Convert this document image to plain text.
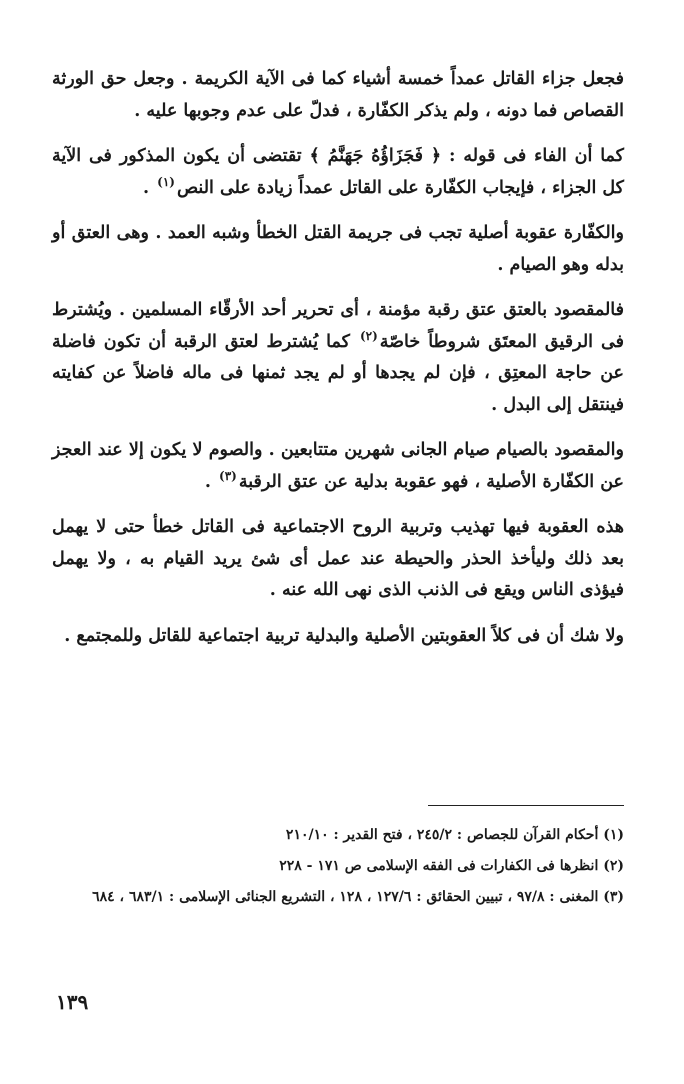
فجعل جزاء القاتل عمداً خمسة أشياء كما فى الآية الكريمة . وجعل حق الورثة القصاص فما دونه ، ولم يذكر الكفّارة ، فدلّ على عدم وجوبها عليه .

كما أن الفاء فى قوله : ﴿ فَجَزَاؤُهُ جَهَنَّمُ ﴾ تقتضى أن يكون المذكور فى الآية كل الجزاء ، فإيجاب الكفّارة على القاتل عمداً زيادة على النص$^{(١)}$ .

والكفّارة عقوبة أصلية تجب فى جريمة القتل الخطأ وشبه العمد . وهى العتق أو بدله وهو الصيام .

فالمقصود بالعتق عتق رقبة مؤمنة ، أى تحرير أحد الأرقّاء المسلمين . ويُشترط فى الرقيق المعتَق شروطاً خاصّة$^{(٢)}$ كما يُشترط لعتق الرقبة أن تكون فاضلة عن حاجة المعتِق ، فإن لم يجدها أو لم يجد ثمنها فى ماله فاضلاً عن كفايته فينتقل إلى البدل .

والمقصود بالصيام صيام الجانى شهرين متتابعين . والصوم لا يكون إلا عند العجز عن الكفّارة الأصلية ، فهو عقوبة بدلية عن عتق الرقبة$^{(٣)}$ .

هذه العقوبة فيها تهذيب وتربية الروح الاجتماعية فى القاتل خطأ حتى لا يهمل بعد ذلك وليأخذ الحذر والحيطة عند عمل أى شئ يريد القيام به ، ولا يهمل فيؤذى الناس ويقع فى الذنب الذى نهى الله عنه .

ولا شك أن فى كلاً العقوبتين الأصلية والبدلية تربية اجتماعية للقاتل وللمجتمع .

(١) أحكام القرآن للجصاص : ٢٤٥/٢ ، فتح القدير : ٢١٠/١٠

(٢) انظرها فى الكفارات فى الفقه الإسلامى ص ١٧١ - ٢٢٨

(٣) المغنى : ٩٧/٨ ، تبيين الحقائق : ١٢٧/٦ ، ١٢٨ ، التشريع الجنائى الإسلامى : ٦٨٣/١ ، ٦٨٤

١٣٩
